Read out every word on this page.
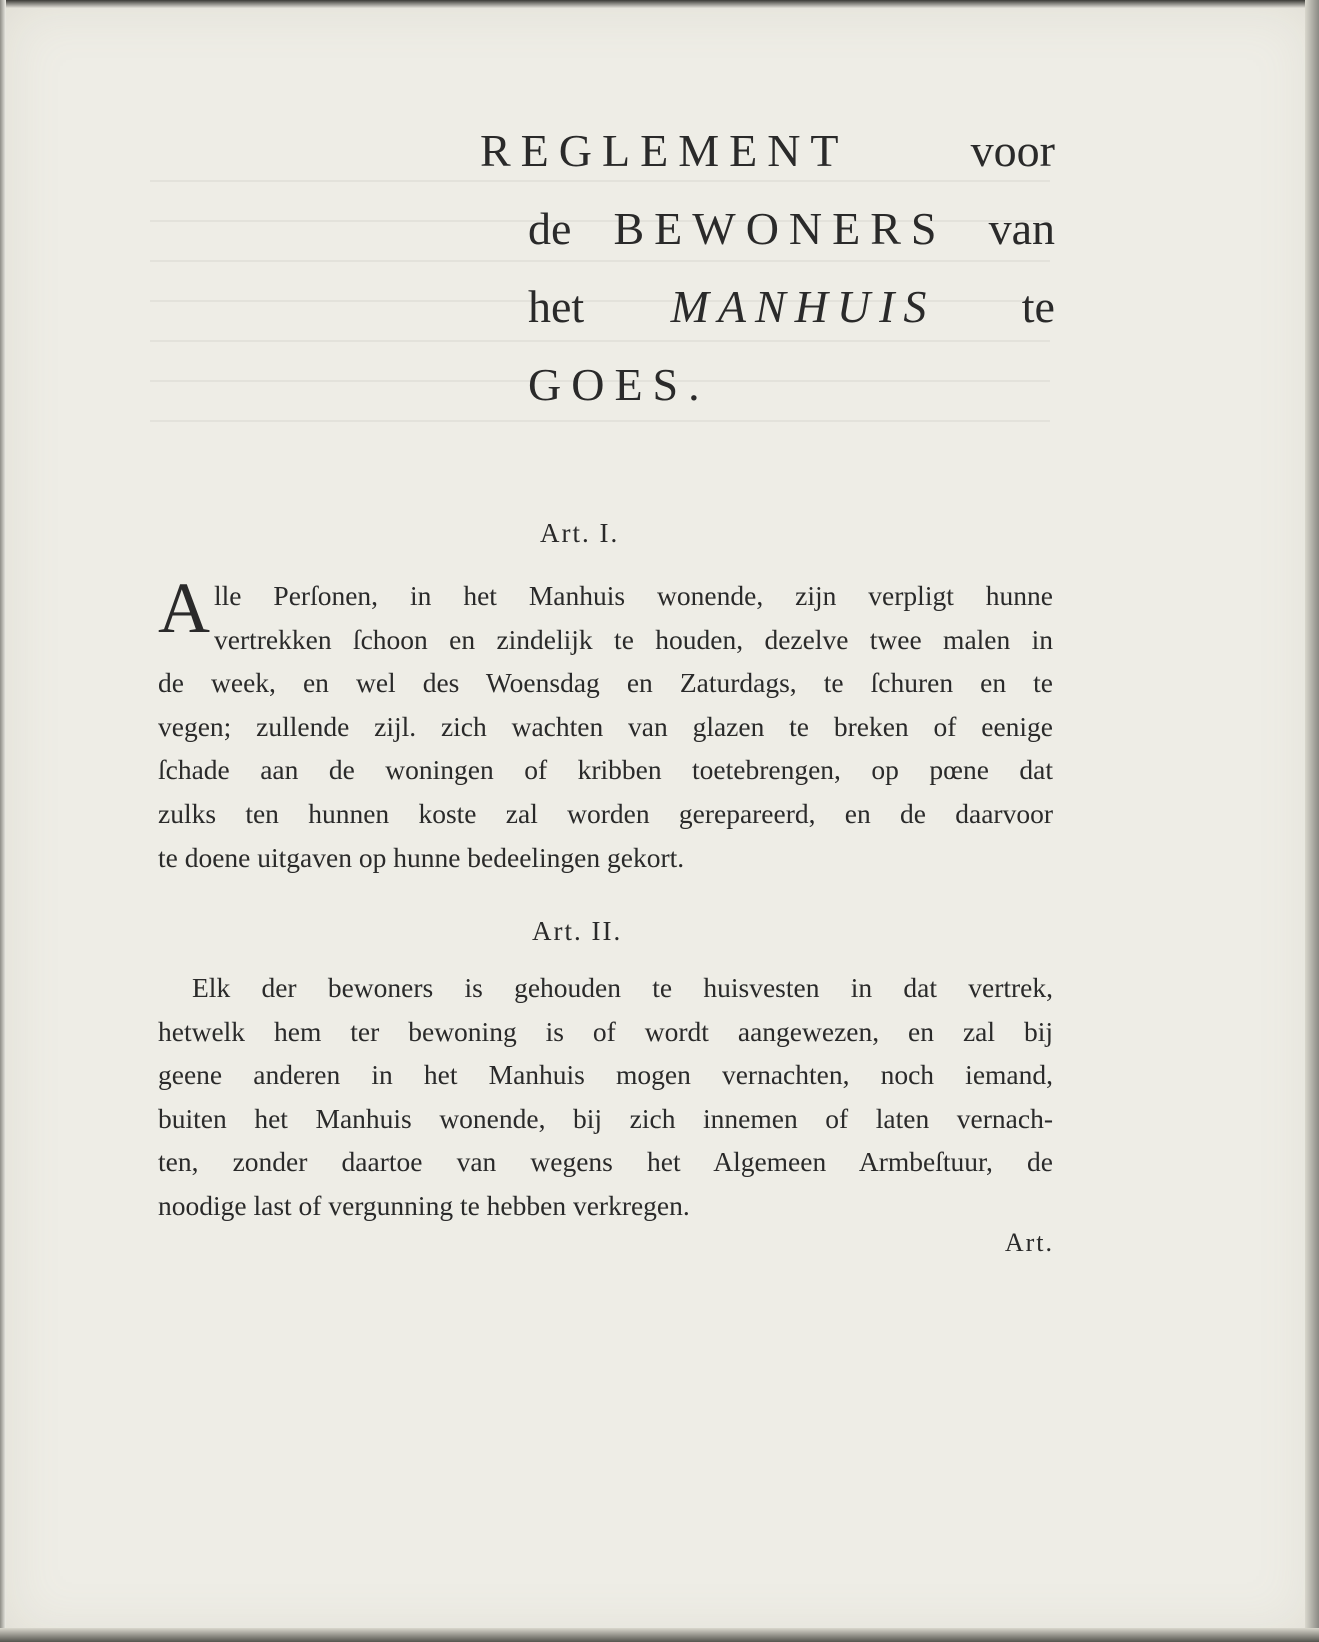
REGLEMENT	voor
de BEWONERS van
het MANHUIS te
GOES.
Art. I.
A lle Perſonen, in het Manhuis wonende, zijn verpligt hunne
vertrekken ſchoon en zindelijk te houden, dezelve twee malen in
de week, en wel des Woensdag en Zaturdags, te ſchuren en te
vegen; zullende zijl. zich wachten van glazen te breken of eenige
ſchade aan de woningen of kribben toetebrengen, op pœne dat
zulks ten hunnen koste zal worden gerepareerd, en de daarvoor
te doene uitgaven op hunne bedeelingen gekort.
Art. II.
Elk der bewoners is gehouden te huisvesten in dat vertrek,
hetwelk hem ter bewoning is of wordt aangewezen, en zal bij
geene anderen in het Manhuis mogen vernachten, noch iemand,
buiten het Manhuis wonende, bij zich innemen of laten vernach-
ten, zonder daartoe van wegens het Algemeen Armbeſtuur, de
noodige last of vergunning te hebben verkregen.
Art.
